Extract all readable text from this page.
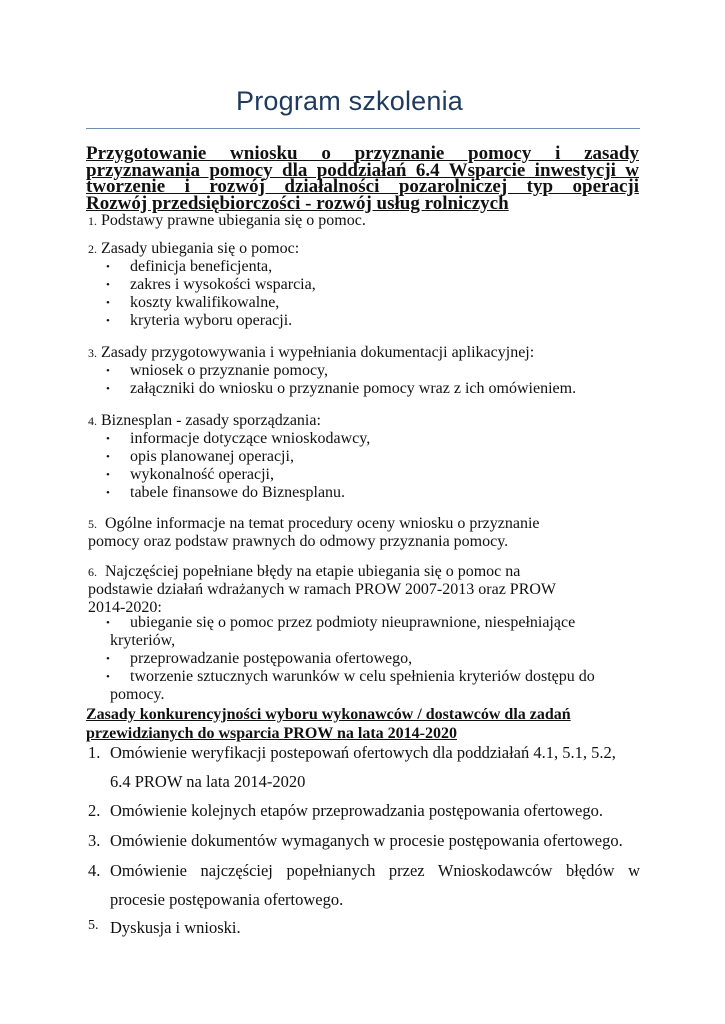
Program szkolenia
Przygotowanie wniosku o przyznanie pomocy i zasady
przyznawania pomocy dla poddziałań 6.4 Wsparcie inwestycji w
tworzenie i rozwój działalności pozarolniczej typ operacji

Rozwój przedsiębiorczości - rozwój usług rolniczych
1. Podstawy prawne ubiegania się o pomoc.
2. Zasady ubiegania się o pomoc:
• definicja beneficjenta,
• zakres i wysokości wsparcia,
• koszty kwalifikowalne,
• kryteria wyboru operacji.
3. Zasady przygotowywania i wypełniania dokumentacji aplikacyjnej:
• wniosek o przyznanie pomocy,
• załączniki do wniosku o przyznanie pomocy wraz z ich omówieniem.
4. Biznesplan - zasady sporządzania:
• informacje dotyczące wnioskodawcy,
• opis planowanej operacji,
• wykonalność operacji,
• tabele finansowe do Biznesplanu.
5. Ogólne informacje na temat procedury oceny wniosku o przyznanie
pomocy oraz podstaw prawnych do odmowy przyznania pomocy.
6. Najczęściej popełniane błędy na etapie ubiegania się o pomoc na
podstawie działań wdrażanych w ramach PROW 2007-2013 oraz PROW
2014-2020:
• ubieganie się o pomoc przez podmioty nieuprawnione, niespełniające
kryteriów,
• przeprowadzanie postępowania ofertowego,
• tworzenie sztucznych warunków w celu spełnienia kryteriów dostępu do
pomocy.
Zasady konkurencyjności wyboru wykonawców / dostawców dla zadań
przewidzianych do wsparcia PROW na lata 2014-2020
1. Omówienie weryfikacji postepowań ofertowych dla poddziałań 4.1, 5.1, 5.2,
6.4 PROW na lata 2014-2020
2. Omówienie kolejnych etapów przeprowadzania postępowania ofertowego.
3. Omówienie dokumentów wymaganych w procesie postępowania ofertowego.
4. Omówienie najczęściej popełnianych przez Wnioskodawców błędów w
procesie postępowania ofertowego.
5. Dyskusja i wnioski.
